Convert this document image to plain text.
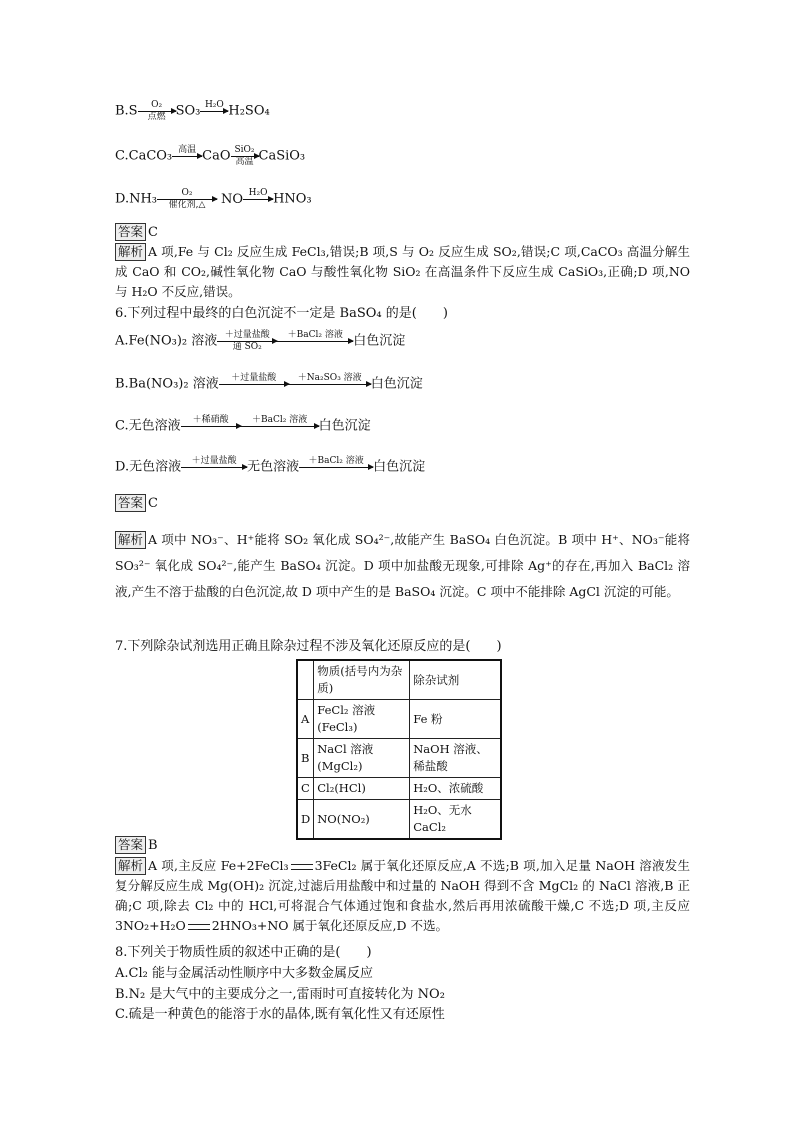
B.S	O₂
点燃 SO₃ H₂O H₂SO₄
C.CaCO₃ 高温 CaO SiO₂
高温 CaSiO₃
D.NH₃	O₂
催化剂,△	NO H₂O HNO₃
答案 C
解析 A 项,Fe 与 Cl₂ 反应生成 FeCl₃,错误;B 项,S 与 O₂ 反应生成 SO₂,错误;C 项,CaCO₃ 高温分解生成 CaO 和 CO₂,碱性氧化物 CaO 与酸性氧化物 SiO₂ 在高温条件下反应生成 CaSiO₃,正确;D 项,NO 与 H₂O 不反应,错误。
6.下列过程中最终的白色沉淀不一定是 BaSO₄ 的是(　　)
A.Fe(NO₃)₂ 溶液 ＋过量盐酸
通 SO₂
＋BaCl₂ 溶液 白色沉淀
B.Ba(NO₃)₂ 溶液	＋过量盐酸	＋Na₂SO₃ 溶液 白色沉淀
C.无色溶液	＋稀硝酸	＋BaCl₂ 溶液 白色沉淀
D.无色溶液	＋过量盐酸 无色溶液	＋BaCl₂ 溶液 白色沉淀
答案 C
解析 A 项中 NO₃⁻、H⁺能将 SO₂ 氧化成 SO₄²⁻,故能产生 BaSO₄ 白色沉淀。B 项中 H⁺、NO₃⁻能将 SO₃²⁻ 氧化成 SO₄²⁻,能产生 BaSO₄ 沉淀。D 项中加盐酸无现象,可排除 Ag⁺的存在,再加入 BaCl₂ 溶液,产生不溶于盐酸的白色沉淀,故 D 项中产生的是 BaSO₄ 沉淀。C 项中不能排除 AgCl 沉淀的可能。
7.下列除杂试剂选用正确且除杂过程不涉及氧化还原反应的是(　　)
	物质(括号内为杂质)	除杂试剂
A	FeCl₂ 溶液(FeCl₃)	Fe 粉
B	NaCl 溶液(MgCl₂)	NaOH 溶液、稀盐酸
C	Cl₂(HCl)	H₂O、浓硫酸
D	NO(NO₂)	H₂O、无水 CaCl₂
答案 B
解析 A 项,主反应 Fe+2FeCl₃ 3FeCl₂ 属于氧化还原反应,A 不选;B 项,加入足量 NaOH 溶液发生复分解反应生成 Mg(OH)₂ 沉淀,过滤后用盐酸中和过量的 NaOH 得到不含 MgCl₂ 的 NaCl 溶液,B 正确;C 项,除去 Cl₂ 中的 HCl,可将混合气体通过饱和食盐水,然后再用浓硫酸干燥,C 不选;D 项,主反应 3NO₂+H₂O 2HNO₃+NO 属于氧化还原反应,D 不选。
8.下列关于物质性质的叙述中正确的是(　　)
A.Cl₂ 能与金属活动性顺序中大多数金属反应
B.N₂ 是大气中的主要成分之一,雷雨时可直接转化为 NO₂
C.硫是一种黄色的能溶于水的晶体,既有氧化性又有还原性
